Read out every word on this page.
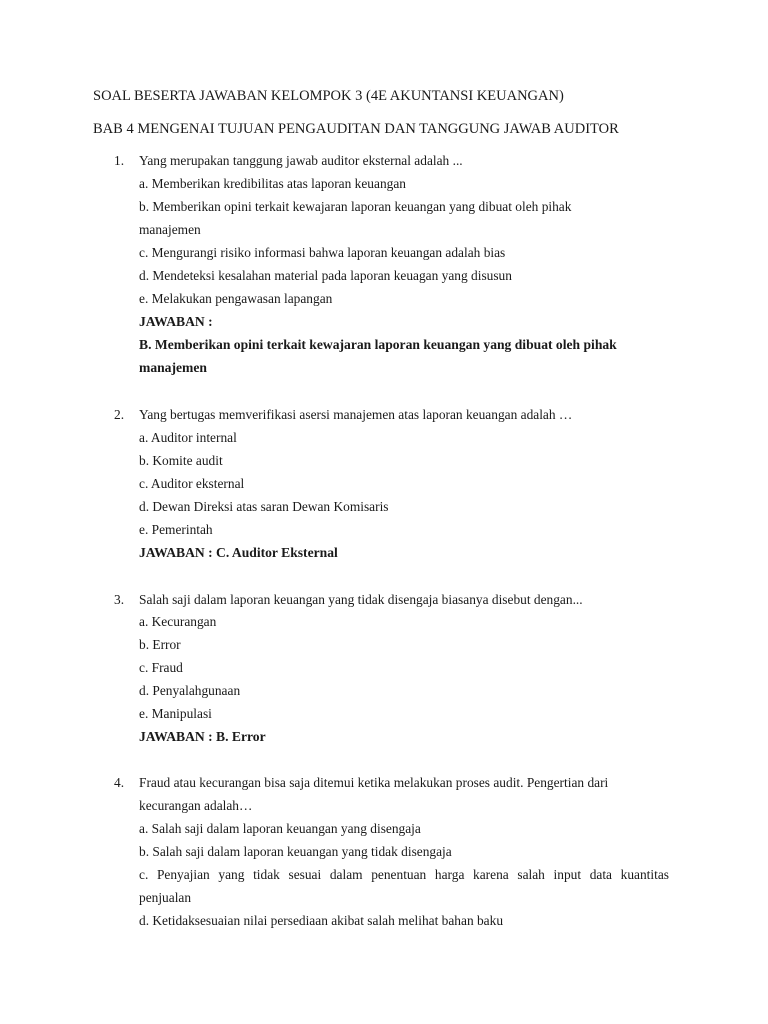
SOAL BESERTA JAWABAN KELOMPOK 3 (4E AKUNTANSI KEUANGAN)
BAB 4 MENGENAI TUJUAN PENGAUDITAN DAN TANGGUNG JAWAB AUDITOR
1. Yang merupakan tanggung jawab auditor eksternal adalah ...
a. Memberikan kredibilitas atas laporan keuangan
b. Memberikan opini terkait kewajaran laporan keuangan yang dibuat oleh pihak
manajemen
c. Mengurangi risiko informasi bahwa laporan keuangan adalah bias
d. Mendeteksi kesalahan material pada laporan keuagan yang disusun
e. Melakukan pengawasan lapangan
JAWABAN :
B. Memberikan opini terkait kewajaran laporan keuangan yang dibuat oleh pihak
manajemen
2. Yang bertugas memverifikasi asersi manajemen atas laporan keuangan adalah …
a. Auditor internal
b. Komite audit
c. Auditor eksternal
d. Dewan Direksi atas saran Dewan Komisaris
e. Pemerintah
JAWABAN : C. Auditor Eksternal
3. Salah saji dalam laporan keuangan yang tidak disengaja biasanya disebut dengan...
a. Kecurangan
b. Error
c. Fraud
d. Penyalahgunaan
e. Manipulasi
JAWABAN : B. Error
4. Fraud atau kecurangan bisa saja ditemui ketika melakukan proses audit. Pengertian dari
kecurangan adalah…
a. Salah saji dalam laporan keuangan yang disengaja
b. Salah saji dalam laporan keuangan yang tidak disengaja
c. Penyajian yang tidak sesuai dalam penentuan harga karena salah input data kuantitas
penjualan
d. Ketidaksesuaian nilai persediaan akibat salah melihat bahan baku
